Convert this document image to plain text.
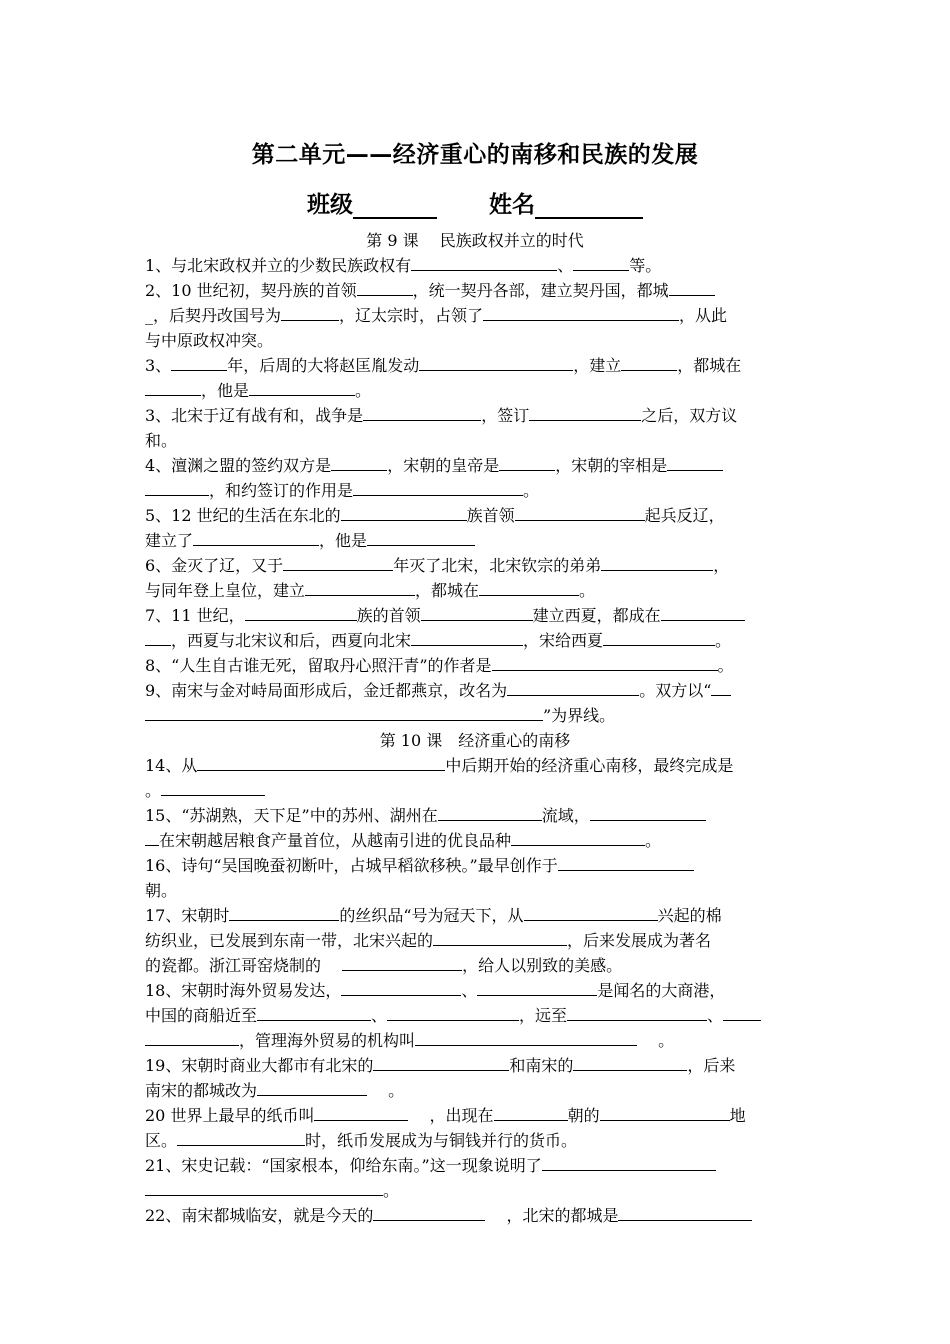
第二单元——经济重心的南移和民族的发展
班级	姓名
第 9 课　 民族政权并立的时代

1、与北宋政权并立的少数民族政权有	、	等。

2、10 世纪初，契丹族的首领	，统一契丹各部，建立契丹国，都城

_，后契丹改国号为	，辽太宗时，占领了	，从此

与中原政权冲突。

3、	年，后周的大将赵匡胤发动	，建立	，都城在

，他是	。

3、北宋于辽有战有和，战争是	，签订	之后，双方议

和。

4、澶渊之盟的签约双方是	，宋朝的皇帝是	，宋朝的宰相是

，和约签订的作用是	。

5、12 世纪的生活在东北的	族首领	起兵反辽，

建立了	，他是

6、金灭了辽，又于	年灭了北宋，北宋钦宗的弟弟	，

与同年登上皇位，建立	，都城在	。

7、11 世纪，	族的首领	建立西夏，都成在

，西夏与北宋议和后，西夏向北宋	，宋给西夏	。

8、“人生自古谁无死，留取丹心照汗青”的作者是	。

9、南宋与金对峙局面形成后，金迁都燕京，改名为	。双方以“

”为界线。

第 10 课　经济重心的南移

14、从	中后期开始的经济重心南移，最终完成是

。　

15、“苏湖熟，天下足”中的苏州、湖州在	流域，

在宋朝越居粮食产量首位，从越南引进的优良品种	。

16、诗句“吴国晚蚕初断叶，占城早稻欲移秧。”最早创作于

朝。

17、宋朝时	的丝织品“号为冠天下，从	兴起的棉

纺织业，已发展到东南一带，北宋兴起的	，后来发展成为著名

的瓷都。浙江哥窑烧制的　	，给人以别致的美感。

18、宋朝时海外贸易发达，	、	是闻名的大商港，

中国的商船近至	、	，远至	、

，管理海外贸易的机构叫　	。

19、宋朝时商业大都市有北宋的	和南宋的	，后来

南宋的都城改为　	。

20 世界上最早的纸币叫　	，出现在	朝的	地

区。	时，纸币发展成为与铜钱并行的货币。

21、宋史记载：“国家根本，仰给东南。”这一现象说明了

。

22、南宋都城临安，就是今天的　	，北宋的都城是
